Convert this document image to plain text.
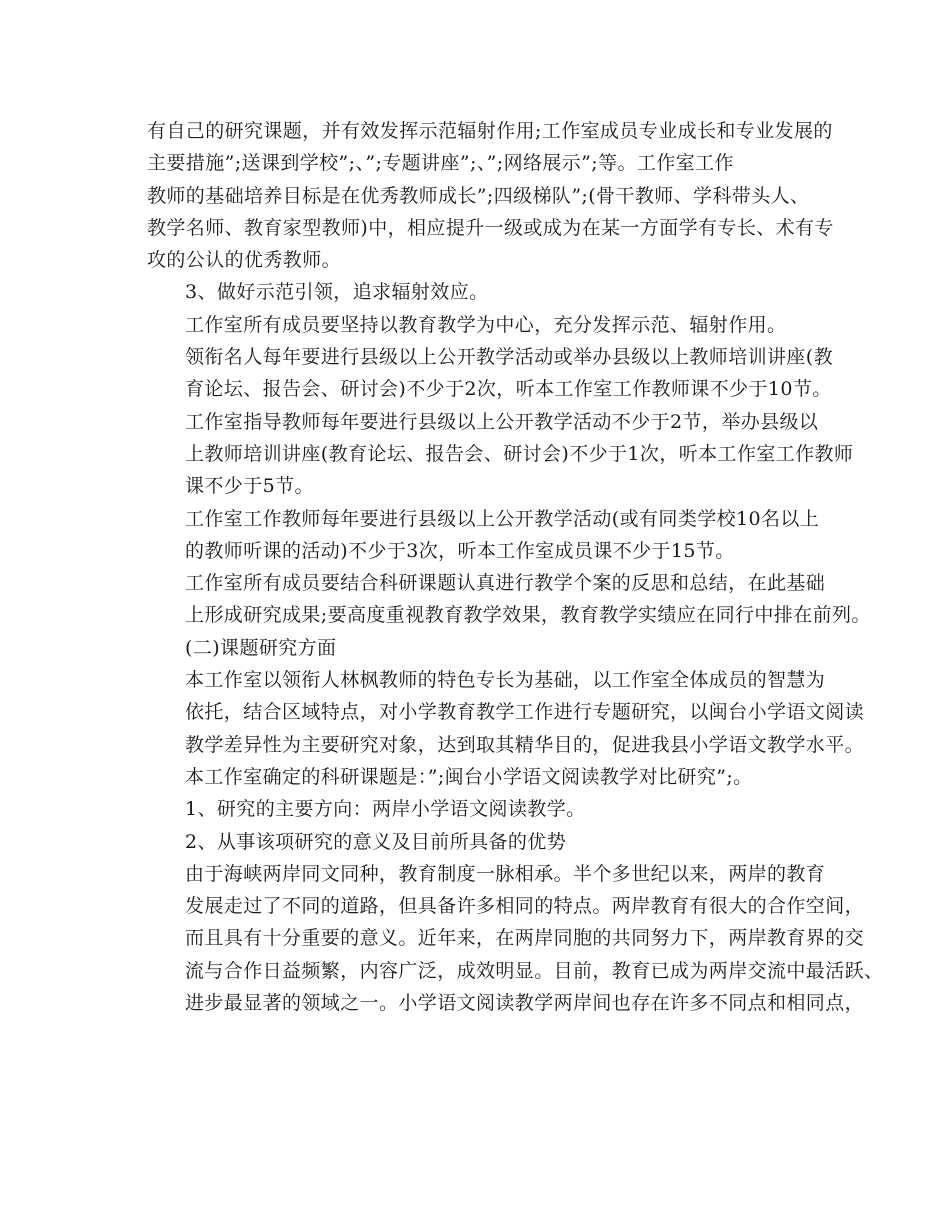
有自己的研究课题，并有效发挥示范辐射作用;工作室成员专业成长和专业发展的
主要措施”;送课到学校”;、”;专题讲座”;、”;网络展示”;等。工作室工作
教师的基础培养目标是在优秀教师成长”;四级梯队”;(骨干教师、学科带头人、
教学名师、教育家型教师)中，相应提升一级或成为在某一方面学有专长、术有专
攻的公认的优秀教师。

3、做好示范引领，追求辐射效应。

工作室所有成员要坚持以教育教学为中心，充分发挥示范、辐射作用。

领衔名人每年要进行县级以上公开教学活动或举办县级以上教师培训讲座(教
育论坛、报告会、研讨会)不少于2次，听本工作室工作教师课不少于10节。

工作室指导教师每年要进行县级以上公开教学活动不少于2节，举办县级以
上教师培训讲座(教育论坛、报告会、研讨会)不少于1次，听本工作室工作教师
课不少于5节。

工作室工作教师每年要进行县级以上公开教学活动(或有同类学校10名以上
的教师听课的活动)不少于3次，听本工作室成员课不少于15节。

工作室所有成员要结合科研课题认真进行教学个案的反思和总结，在此基础
上形成研究成果;要高度重视教育教学效果，教育教学实绩应在同行中排在前列。

(二)课题研究方面

本工作室以领衔人林枫教师的特色专长为基础，以工作室全体成员的智慧为
依托，结合区域特点，对小学教育教学工作进行专题研究，以闽台小学语文阅读
教学差异性为主要研究对象，达到取其精华目的，促进我县小学语文教学水平。

本工作室确定的科研课题是：”;闽台小学语文阅读教学对比研究”;。

1、研究的主要方向：两岸小学语文阅读教学。

2、从事该项研究的意义及目前所具备的优势

由于海峡两岸同文同种，教育制度一脉相承。半个多世纪以来，两岸的教育
发展走过了不同的道路，但具备许多相同的特点。两岸教育有很大的合作空间，
而且具有十分重要的意义。近年来，在两岸同胞的共同努力下，两岸教育界的交
流与合作日益频繁，内容广泛，成效明显。目前，教育已成为两岸交流中最活跃、
进步最显著的领域之一。小学语文阅读教学两岸间也存在许多不同点和相同点，
